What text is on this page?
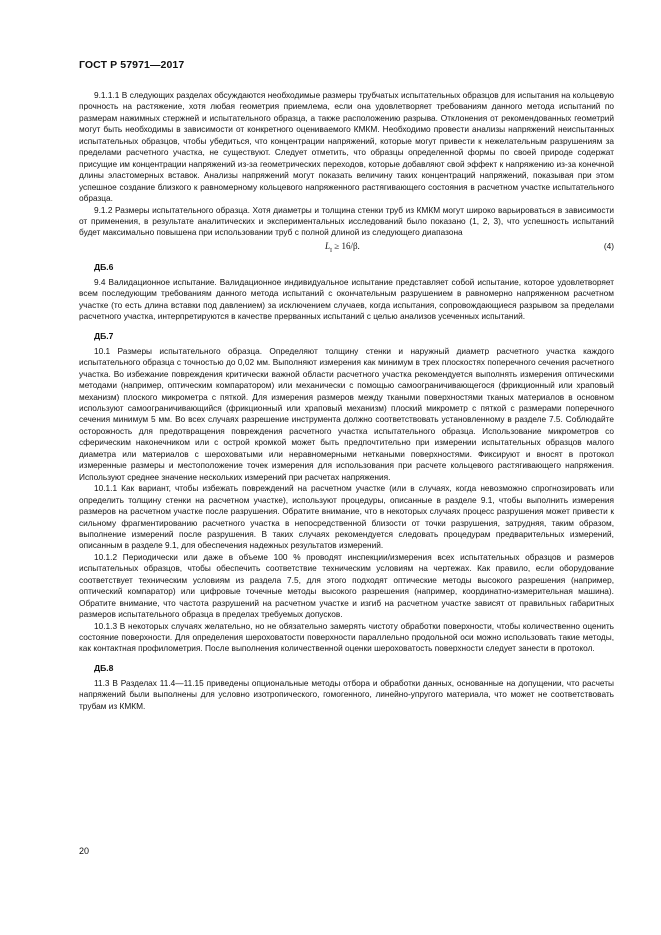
ГОСТ Р 57971—2017

9.1.1.1 В следующих разделах обсуждаются необходимые размеры трубчатых испытательных образцов для испытания на кольцевую прочность на растяжение, хотя любая геометрия приемлема, если она удовлетворяет требованиям данного метода испытаний по размерам нажимных стержней и испытательного образца, а также расположению разрыва. Отклонения от рекомендованных геометрий могут быть необходимы в зависимости от конкретного оцениваемого КМКМ. Необходимо провести анализы напряжений неиспытанных испытательных образцов, чтобы убедиться, что концентрации напряжений, которые могут привести к нежелательным разрушениям за пределами расчетного участка, не существуют. Следует отметить, что образцы определенной формы по своей природе содержат присущие им концентрации напряжений из-за геометрических переходов, которые добавляют свой эффект к напряжению из-за конечной длины эластомерных вставок. Анализы напряжений могут показать величину таких концентраций напряжений, показывая при этом успешное создание близкого к равномерному кольцевого напряженного растягивающего состояния в расчетном участке испытательного образца.

9.1.2 Размеры испытательного образца. Хотя диаметры и толщина стенки труб из КМКМ могут широко варьироваться в зависимости от применения, в результате аналитических и экспериментальных исследований было показано (1, 2, 3), что успешность испытаний будет максимально повышена при использовании труб с полной длиной из следующего диапазона

$L_I \ge 16/\beta$.	(4)
ДБ.6

9.4 Валидационное испытание. Валидационное индивидуальное испытание представляет собой испытание, которое удовлетворяет всем последующим требованиям данного метода испытаний с окончательным разрушением в равномерно напряженном расчетном участке (то есть длина вставки под давлением) за исключением случаев, когда испытания, сопровождающиеся разрывом за пределами расчетного участка, интерпретируются в качестве прерванных испытаний с целью анализов усеченных испытаний.

ДБ.7

10.1 Размеры испытательного образца. Определяют толщину стенки и наружный диаметр расчетного участка каждого испытательного образца с точностью до 0,02 мм. Выполняют измерения как минимум в трех плоскостях поперечного сечения расчетного участка. Во избежание повреждения критически важной области расчетного участка рекомендуется выполнять измерения оптическими методами (например, оптическим компаратором) или механически с помощью самоограничивающегося (фрикционный или храповый механизм) плоского микрометра с пяткой. Для измерения размеров между ткаными поверхностями тканых материалов в основном используют самоограничивающийся (фрикционный или храповый механизм) плоский микрометр с пяткой с размерами поперечного сечения минимум 5 мм. Во всех случаях разрешение инструмента должно соответствовать установленному в разделе 7.5. Соблюдайте осторожность для предотвращения повреждения расчетного участка испытательного образца. Использование микрометров со сферическим наконечником или с острой кромкой может быть предпочтительно при измерении испытательных образцов малого диаметра или материалов с шероховатыми или неравномерными неткаными поверхностями. Фиксируют и вносят в протокол измеренные размеры и местоположение точек измерения для использования при расчете кольцевого растягивающего напряжения. Используют среднее значение нескольких измерений при расчетах напряжения.

10.1.1 Как вариант, чтобы избежать повреждений на расчетном участке (или в случаях, когда невозможно спрогнозировать или определить толщину стенки на расчетном участке), используют процедуры, описанные в разделе 9.1, чтобы выполнить измерения размеров на расчетном участке после разрушения. Обратите внимание, что в некоторых случаях процесс разрушения может привести к сильному фрагментированию расчетного участка в непосредственной близости от точки разрушения, затрудняя, таким образом, выполнение измерений после разрушения. В таких случаях рекомендуется следовать процедурам предварительных измерений, описанным в разделе 9.1, для обеспечения надежных результатов измерений.

10.1.2 Периодически или даже в объеме 100 % проводят инспекции/измерения всех испытательных образцов и размеров испытательных образцов, чтобы обеспечить соответствие техническим условиям на чертежах. Как правило, если оборудование соответствует техническим условиям из раздела 7.5, для этого подходят оптические методы высокого разрешения (например, оптический компаратор) или цифровые точечные методы высокого разрешения (например, координатно-измерительная машина). Обратите внимание, что частота разрушений на расчетном участке и изгиб на расчетном участке зависят от правильных габаритных размеров испытательного образца в пределах требуемых допусков.

10.1.3 В некоторых случаях желательно, но не обязательно замерять чистоту обработки поверхности, чтобы количественно оценить состояние поверхности. Для определения шероховатости поверхности параллельно продольной оси можно использовать такие методы, как контактная профилометрия. После выполнения количественной оценки шероховатость поверхности следует занести в протокол.

ДБ.8

11.3 В Разделах 11.4—11.15 приведены опциональные методы отбора и обработки данных, основанные на допущении, что расчеты напряжений были выполнены для условно изотропического, гомогенного, линейно-упругого материала, что может не соответствовать трубам из КМКМ.

20
